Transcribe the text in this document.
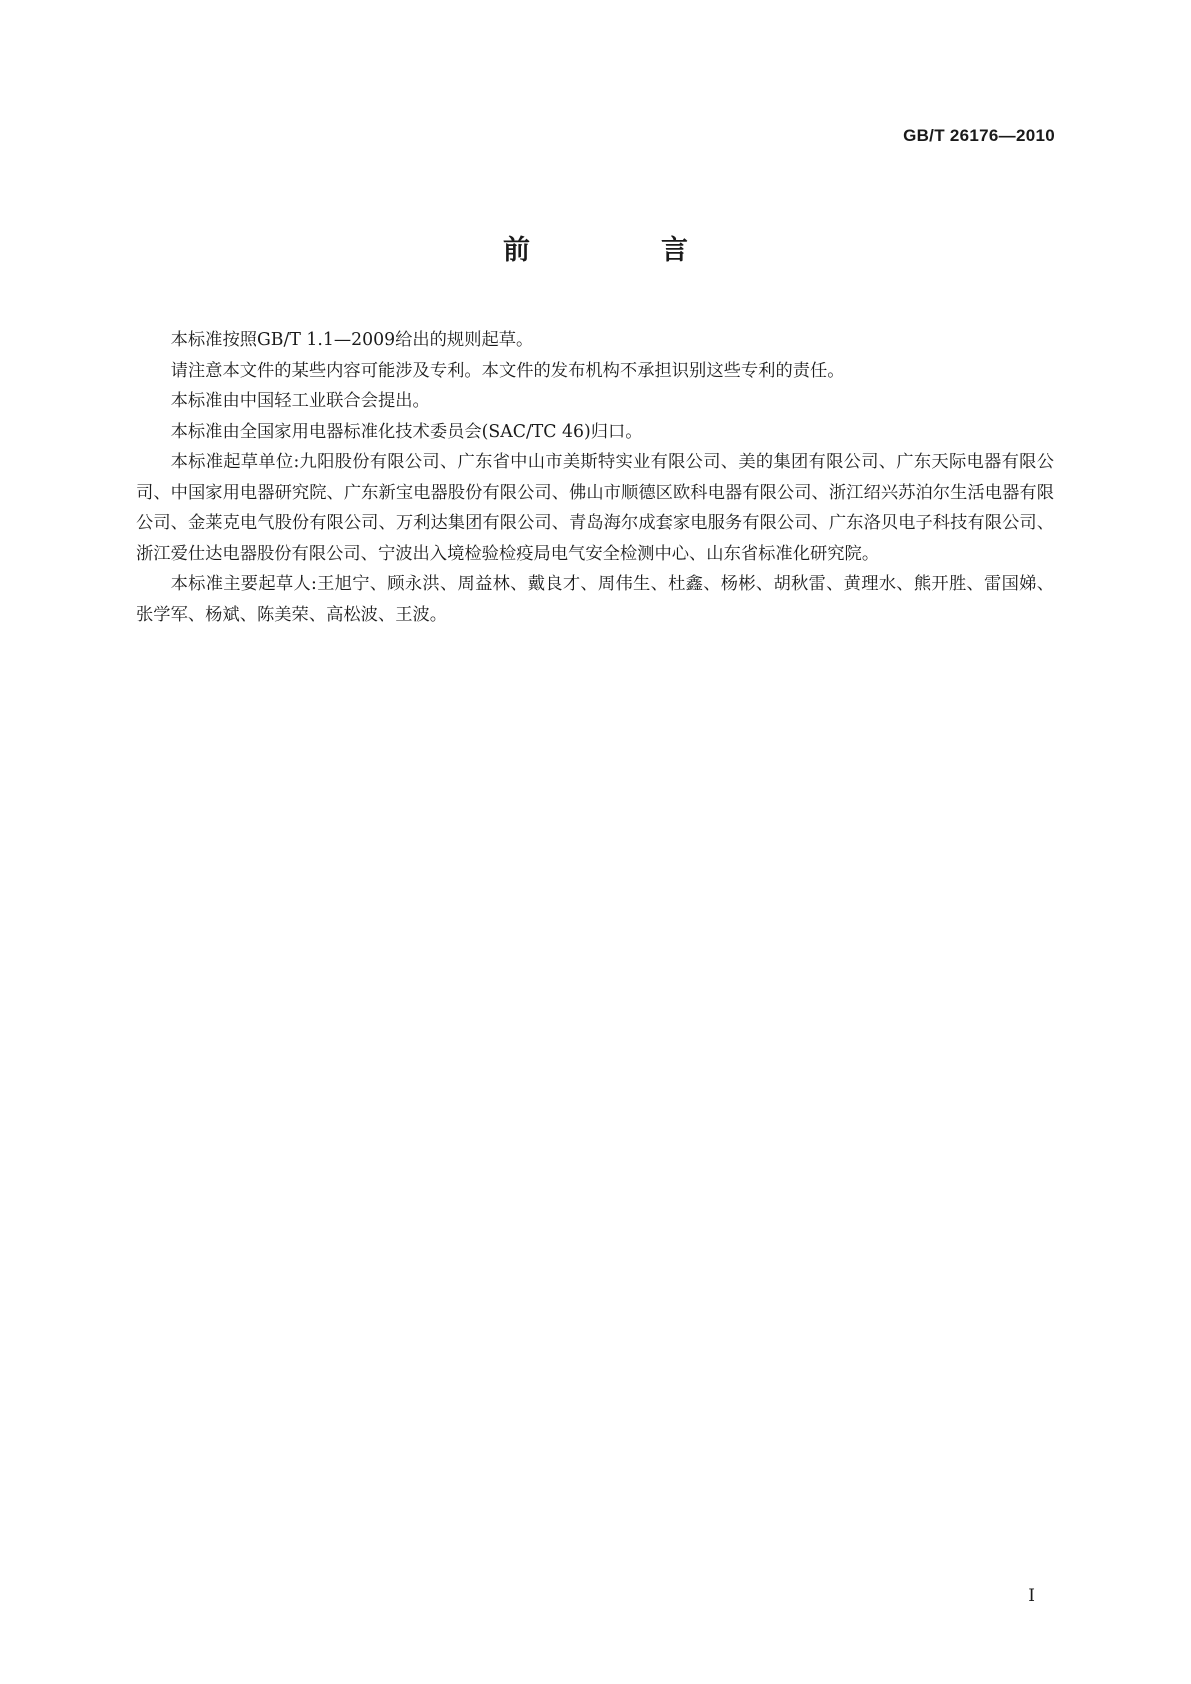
GB/T 26176—2010
前　言

本标准按照GB/T 1.1—2009给出的规则起草。

请注意本文件的某些内容可能涉及专利。本文件的发布机构不承担识别这些专利的责任。

本标准由中国轻工业联合会提出。

本标准由全国家用电器标准化技术委员会(SAC/TC 46)归口。

本标准起草单位:九阳股份有限公司、广东省中山市美斯特实业有限公司、美的集团有限公司、广东天际电器有限公司、中国家用电器研究院、广东新宝电器股份有限公司、佛山市顺德区欧科电器有限公司、浙江绍兴苏泊尔生活电器有限公司、金莱克电气股份有限公司、万利达集团有限公司、青岛海尔成套家电服务有限公司、广东洛贝电子科技有限公司、浙江爱仕达电器股份有限公司、宁波出入境检验检疫局电气安全检测中心、山东省标准化研究院。

本标准主要起草人:王旭宁、顾永洪、周益林、戴良才、周伟生、杜鑫、杨彬、胡秋雷、黄理水、熊开胜、雷国娣、张学军、杨斌、陈美荣、高松波、王波。

I
